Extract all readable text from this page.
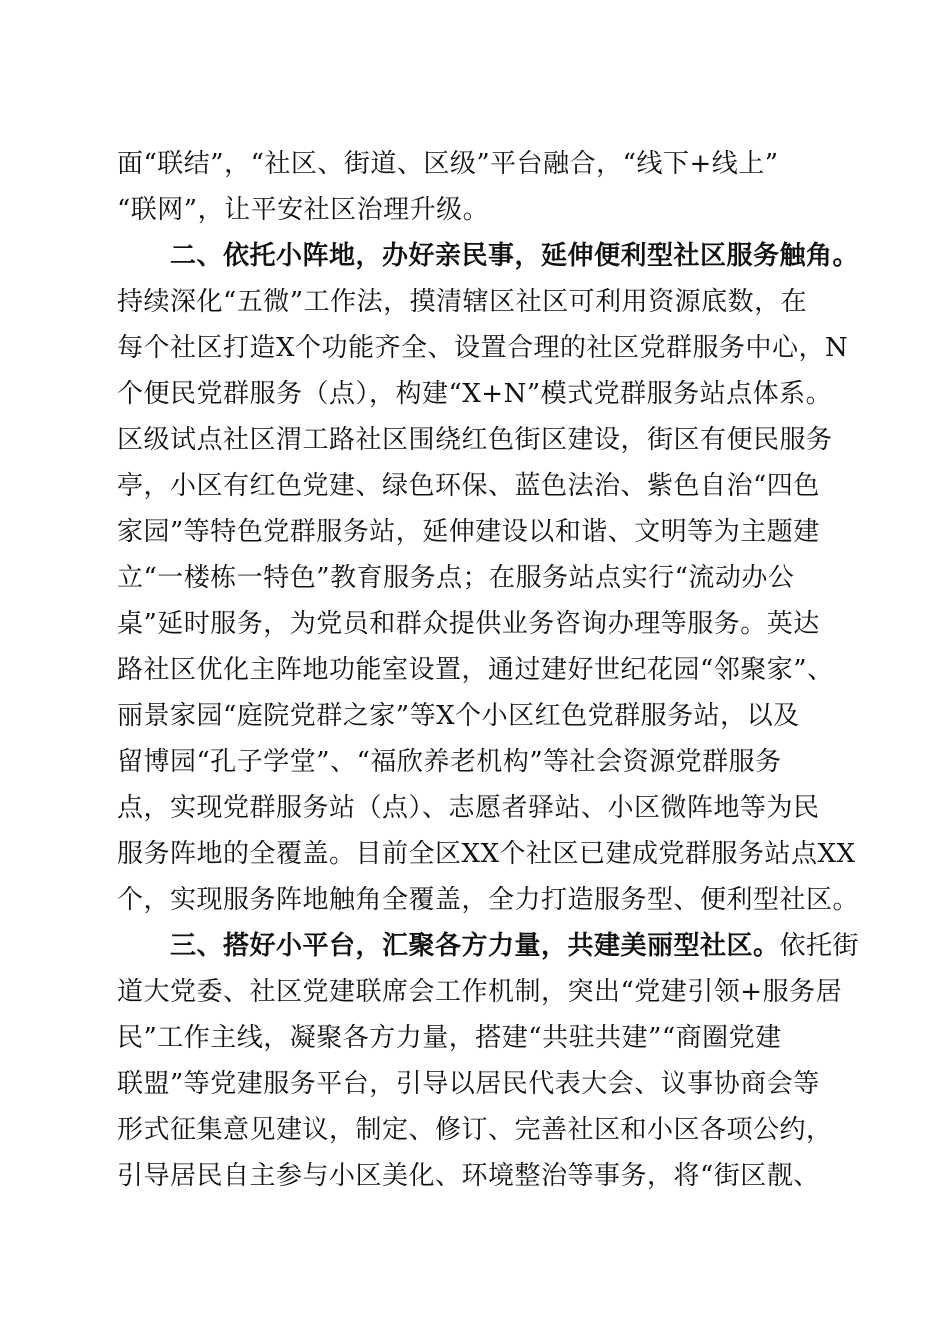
面“联结”，“社区、街道、区级”平台融合，“线下+线上”
“联网”，让平安社区治理升级。
二、依托小阵地，办好亲民事，延伸便利型社区服务触角。
持续深化“五微”工作法，摸清辖区社区可利用资源底数，在
每个社区打造X个功能齐全、设置合理的社区党群服务中心，N
个便民党群服务（点），构建“X+N”模式党群服务站点体系。
区级试点社区渭工路社区围绕红色街区建设，街区有便民服务
亭，小区有红色党建、绿色环保、蓝色法治、紫色自治“四色
家园”等特色党群服务站，延伸建设以和谐、文明等为主题建
立“一楼栋一特色”教育服务点；在服务站点实行“流动办公
桌”延时服务，为党员和群众提供业务咨询办理等服务。英达
路社区优化主阵地功能室设置，通过建好世纪花园“邻聚家”、
丽景家园“庭院党群之家”等X个小区红色党群服务站，以及
留博园“孔子学堂”、“福欣养老机构”等社会资源党群服务
点，实现党群服务站（点）、志愿者驿站、小区微阵地等为民
服务阵地的全覆盖。目前全区XX个社区已建成党群服务站点XX
个，实现服务阵地触角全覆盖，全力打造服务型、便利型社区。
三、搭好小平台，汇聚各方力量，共建美丽型社区。依托街
道大党委、社区党建联席会工作机制，突出“党建引领+服务居
民”工作主线，凝聚各方力量，搭建“共驻共建”“商圈党建
联盟”等党建服务平台，引导以居民代表大会、议事协商会等
形式征集意见建议，制定、修订、完善社区和小区各项公约，
引导居民自主参与小区美化、环境整治等事务，将“街区靓、
